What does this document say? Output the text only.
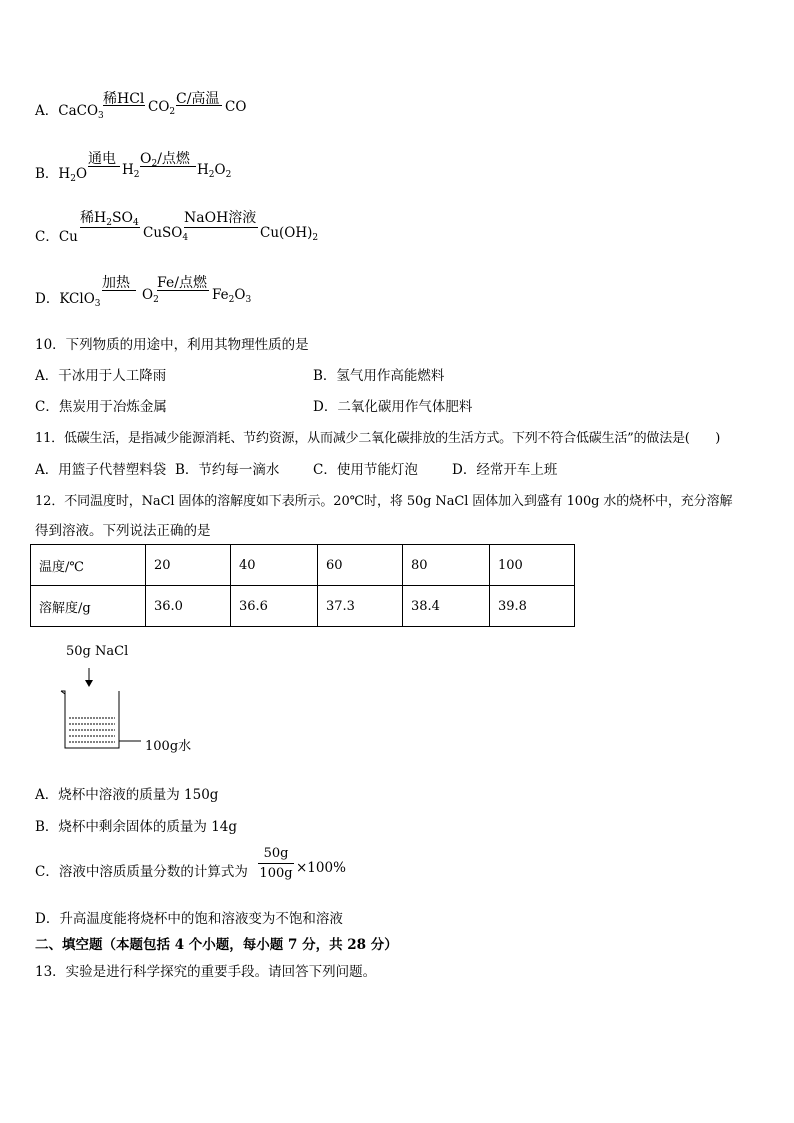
A．CaCO$_3$
稀HCl $CO_2$
C/高温 CO
B．$H_2O$
通电
$H_2$
$O_2/$点燃
$H_2O_2$
C．Cu
稀$H_2SO_4$
CuSO$_4$
NaOH溶液
$Cu(OH)_2$
D．KClO$_3$
加热
$O_2$
Fe/点燃
$Fe_2O_3$
10．下列物质的用途中，利用其物理性质的是
A．干冰用于人工降雨	B．氢气用作高能燃料
C．焦炭用于冶炼金属	D．二氧化碳用作气体肥料
11．低碳生活，是指减少能源消耗、节约资源，从而减少二氧化碳排放的生活方式。下列不符合低碳生活”的做法是(　　)
A．用篮子代替塑料袋 B．节约每一滴水 C．使用节能灯泡	D．经常开车上班
12．不同温度时，NaCl 固体的溶解度如下表所示。20℃时，将 50g NaCl 固体加入到盛有 100g 水的烧杯中，充分溶解
得到溶液。下列说法正确的是
温度/℃	20	40	60	80	100
溶解度/g	36.0	36.6	37.3	38.4	39.8
50g NaCl
100g水
A．烧杯中溶液的质量为 150g
B．烧杯中剩余固体的质量为 14g
C．溶液中溶质质量分数的计算式为
50g
100g ×100%
D．升高温度能将烧杯中的饱和溶液变为不饱和溶液
二、填空题（本题包括 4 个小题，每小题 7 分，共 28 分）
13．实验是进行科学探究的重要手段。请回答下列问题。
